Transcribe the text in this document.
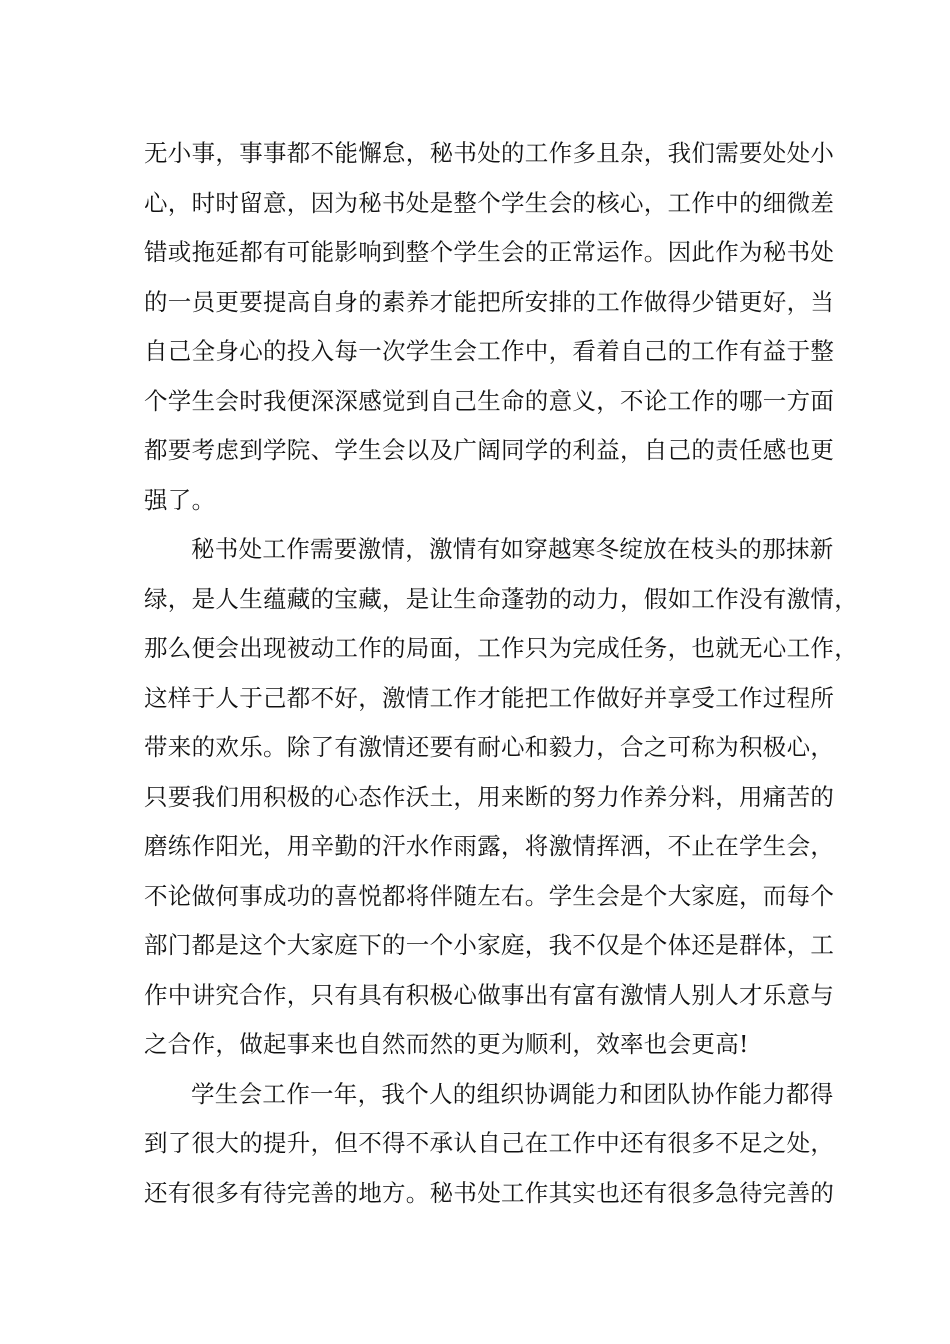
无小事，事事都不能懈怠，秘书处的工作多且杂，我们需要处处小
心，时时留意，因为秘书处是整个学生会的核心，工作中的细微差
错或拖延都有可能影响到整个学生会的正常运作。因此作为秘书处
的一员更要提高自身的素养才能把所安排的工作做得少错更好，当
自己全身心的投入每一次学生会工作中，看着自己的工作有益于整
个学生会时我便深深感觉到自己生命的意义，不论工作的哪一方面
都要考虑到学院、学生会以及广阔同学的利益，自己的责任感也更
强了。
秘书处工作需要激情，激情有如穿越寒冬绽放在枝头的那抹新
绿，是人生蕴藏的宝藏，是让生命蓬勃的动力，假如工作没有激情，
那么便会出现被动工作的局面，工作只为完成任务，也就无心工作，
这样于人于己都不好，激情工作才能把工作做好并享受工作过程所
带来的欢乐。除了有激情还要有耐心和毅力，合之可称为积极心，
只要我们用积极的心态作沃土，用来断的努力作养分料，用痛苦的
磨练作阳光，用辛勤的汗水作雨露，将激情挥洒，不止在学生会，
不论做何事成功的喜悦都将伴随左右。学生会是个大家庭，而每个
部门都是这个大家庭下的一个小家庭，我不仅是个体还是群体，工
作中讲究合作，只有具有积极心做事出有富有激情人别人才乐意与
之合作，做起事来也自然而然的更为顺利，效率也会更高!
学生会工作一年，我个人的组织协调能力和团队协作能力都得
到了很大的提升，但不得不承认自己在工作中还有很多不足之处，
还有很多有待完善的地方。秘书处工作其实也还有很多急待完善的
